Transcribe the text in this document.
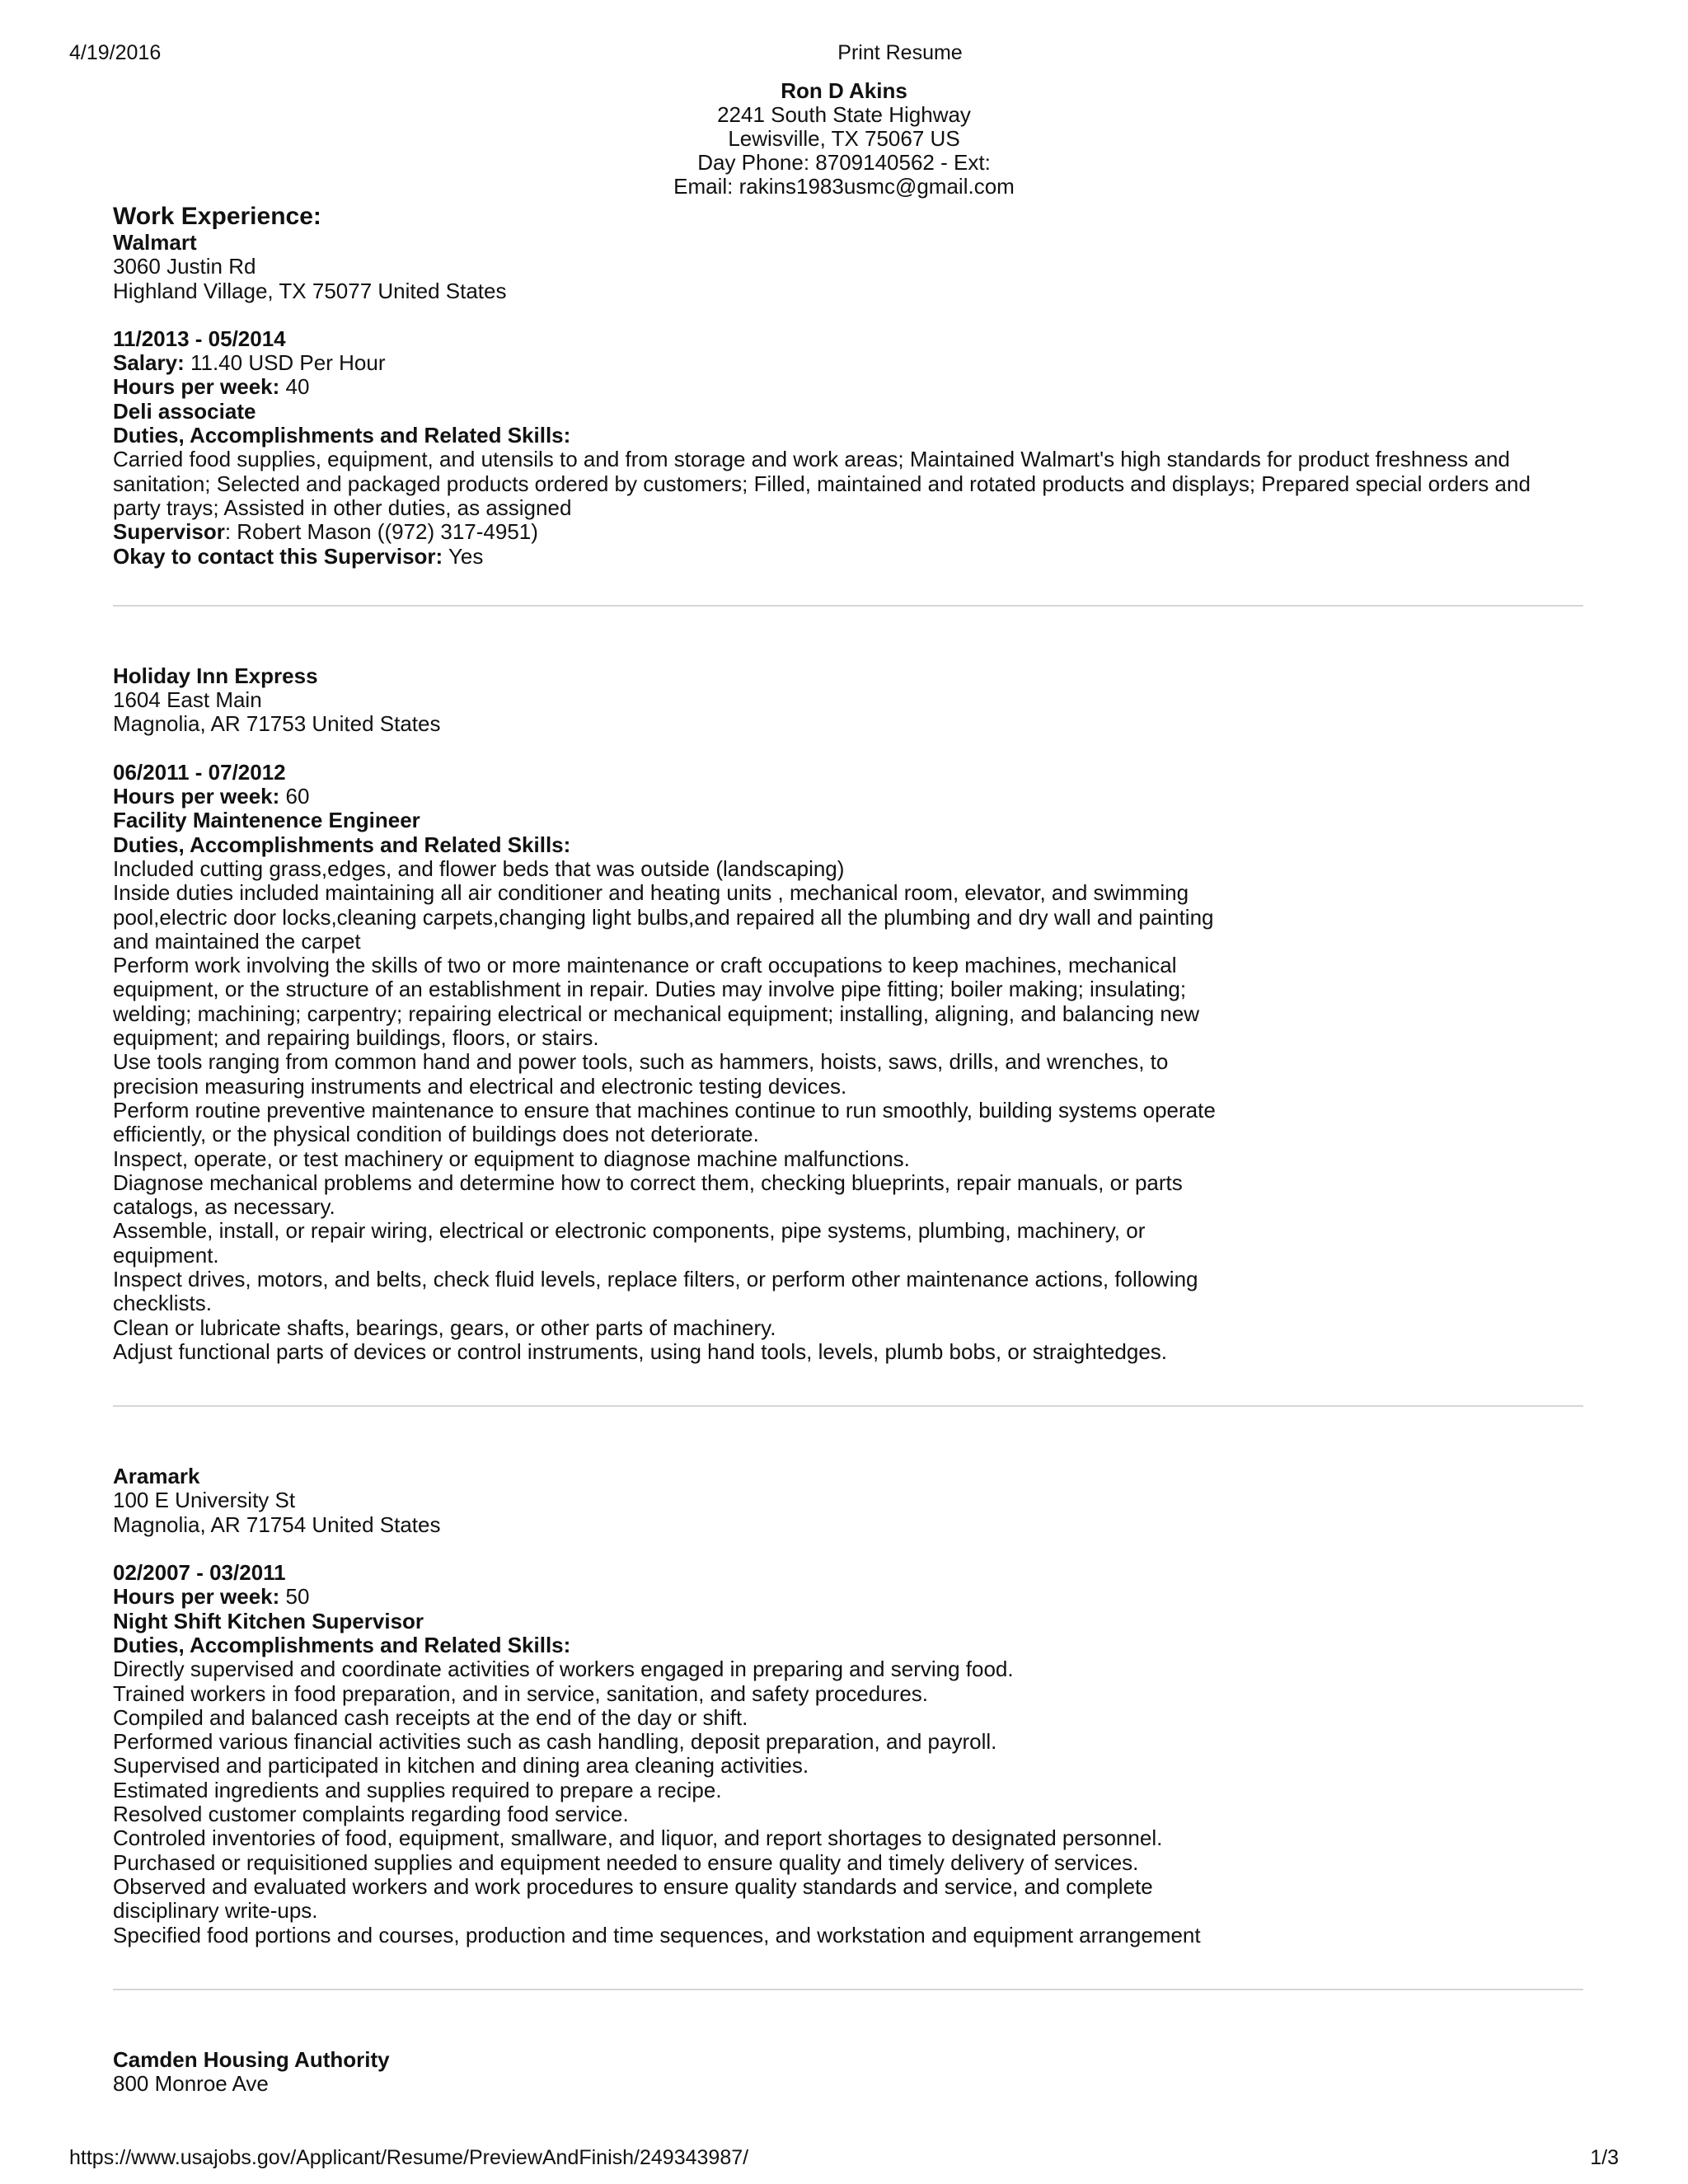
4/19/2016	Print Resume
Ron D Akins
2241 South State Highway
Lewisville, TX 75067 US
Day Phone: 8709140562 - Ext:
Email: rakins1983usmc@gmail.com
Work Experience:
Walmart
3060 Justin Rd
Highland Village, TX 75077 United States
11/2013 - 05/2014
Salary: 11.40 USD Per Hour
Hours per week: 40
Deli associate
Duties, Accomplishments and Related Skills:
Carried food supplies, equipment, and utensils to and from storage and work areas; Maintained Walmart's high standards for product freshness and sanitation; Selected and packaged products ordered by customers; Filled, maintained and rotated products and displays; Prepared special orders and party trays; Assisted in other duties, as assigned
Supervisor: Robert Mason ((972) 317-4951)
Okay to contact this Supervisor: Yes
Holiday Inn Express
1604 East Main
Magnolia, AR 71753 United States
06/2011 - 07/2012
Hours per week: 60
Facility Maintenence Engineer
Duties, Accomplishments and Related Skills:
Included cutting grass,edges, and flower beds that was outside (landscaping)
Inside duties included maintaining all air conditioner and heating units , mechanical room, elevator, and swimming
pool,electric door locks,cleaning carpets,changing light bulbs,and repaired all the plumbing and dry wall and painting
and maintained the carpet
Perform work involving the skills of two or more maintenance or craft occupations to keep machines, mechanical
equipment, or the structure of an establishment in repair. Duties may involve pipe fitting; boiler making; insulating;
welding; machining; carpentry; repairing electrical or mechanical equipment; installing, aligning, and balancing new
equipment; and repairing buildings, floors, or stairs.
Use tools ranging from common hand and power tools, such as hammers, hoists, saws, drills, and wrenches, to
precision measuring instruments and electrical and electronic testing devices.
Perform routine preventive maintenance to ensure that machines continue to run smoothly, building systems operate
efficiently, or the physical condition of buildings does not deteriorate.
Inspect, operate, or test machinery or equipment to diagnose machine malfunctions.
Diagnose mechanical problems and determine how to correct them, checking blueprints, repair manuals, or parts
catalogs, as necessary.
Assemble, install, or repair wiring, electrical or electronic components, pipe systems, plumbing, machinery, or
equipment.
Inspect drives, motors, and belts, check fluid levels, replace filters, or perform other maintenance actions, following
checklists.
Clean or lubricate shafts, bearings, gears, or other parts of machinery.
Adjust functional parts of devices or control instruments, using hand tools, levels, plumb bobs, or straightedges.
Aramark
100 E University St
Magnolia, AR 71754 United States
02/2007 - 03/2011
Hours per week: 50
Night Shift Kitchen Supervisor
Duties, Accomplishments and Related Skills:
Directly supervised and coordinate activities of workers engaged in preparing and serving food.
Trained workers in food preparation, and in service, sanitation, and safety procedures.
Compiled and balanced cash receipts at the end of the day or shift.
Performed various financial activities such as cash handling, deposit preparation, and payroll.
Supervised and participated in kitchen and dining area cleaning activities.
Estimated ingredients and supplies required to prepare a recipe.
Resolved customer complaints regarding food service.
Controled inventories of food, equipment, smallware, and liquor, and report shortages to designated personnel.
Purchased or requisitioned supplies and equipment needed to ensure quality and timely delivery of services.
Observed and evaluated workers and work procedures to ensure quality standards and service, and complete
disciplinary write-ups.
Specified food portions and courses, production and time sequences, and workstation and equipment arrangement
Camden Housing Authority
800 Monroe Ave
https://www.usajobs.gov/Applicant/Resume/PreviewAndFinish/249343987/	1/3
